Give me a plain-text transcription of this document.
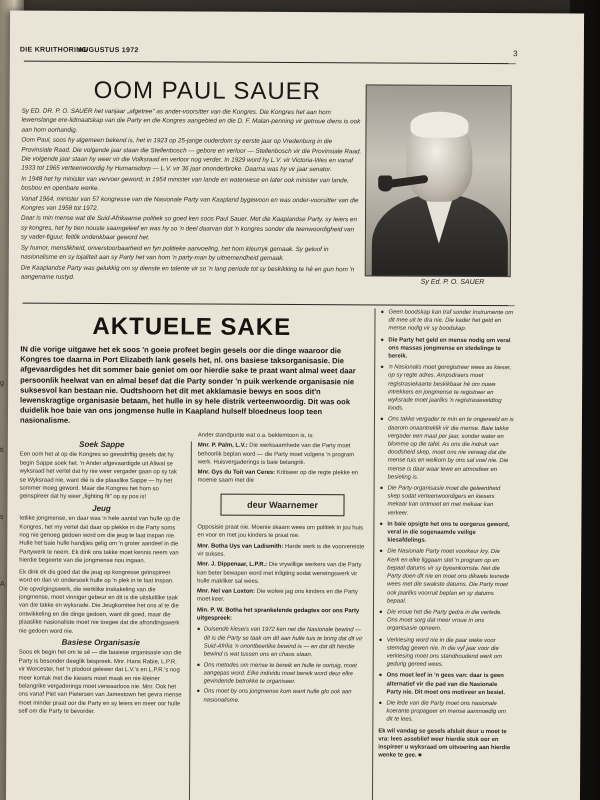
DIE KRUITHORING
AUGUSTUS 1972	3
OOM PAUL SAUER

Sy ED. DR. P. O. SAUER het vanjaar „afgetree" as ander-voorsitter van die Kongres. Die Kongres het aan hom lewenslange ere-lidmaatskap van die Party en die Kongres aangebied en die D. F. Malan-penning vir getroue diens is ook aan hom oorhandig.

Oom Paul, soos hy algemeen bekend is, het in 1923 op 25-jarige ouderdom sy eerste jaar op Vredenburg in die Provinsiale Raad. Die volgende jaar staan die Stellenbosch — gebore en verloor — Stellenbosch vir die Provinsiale Raad. Die volgende jaar staan hy weer vir die Volksraad en verloor nog verder. In 1929 word hy L.V. vir Victoria-Wes en vanaf 1933 tot 1965 verteenwoordig hy Humansdorp — L.V. vir 36 jaar ononderbroke. Daarna was hy vir jaar senator.

In 1948 het hy minister van vervoer geword; in 1954 minister van lande en waterwese en later ook minister van lande, bosbou en openbare werke.

Vanaf 1964, minister van 57 kongresse van die Nasionale Party van Kaapland bygewoon en was onder-voorsitter van die Kongres van 1958 tot 1972.

Daar is min mense wat die Suid-Afrikaanse politiek so goed ken soos Paul Sauer. Met die Kaaplandse Party, sy leiers en sy kongres, het hy tien nouste saamgeleef en was hy so 'n deel daarvan dat 'n kongres sonder die teenwoordigheid van sy vader-figuur, feitlik ondenkbaar geword het.

Sy humor, menslikheid, onverstoorbaarheid en fyn politieke aanvoeling, het hom kleurryk gemaak. Sy geloof in nasionalisme en sy lojaliteit aan sy Party het van hom 'n party-man by uitnemendheid gemaak.

Die Kaaplandse Party was gelukkig om sy dienste en talente vir so 'n lang periode tot sy beskikking te hê en gun hom 'n aangename rustyd.

Sy Ed. P. O. SAUER
AKTUELE SAKE
IN die vorige uitgawe het ek soos 'n goeie profeet begin gesels oor die dinge waaroor die Kongres toe daarna in Port Elizabeth lank gesels het, nl. ons basiese taksorganisasie. Die afgevaardigdes het dit sommer baie geniet om oor hierdie sake te praat want almal weet daar persoonlik heelwat van en almal besef dat die Party sonder 'n puik werkende organisasie nie suksesvol kan bestaan nie. Oudtshoorn het dit met akklamasie bewys en soos dit'n lewenskragtige organisasie betaam, het hulle in sy hele distrik verteenwoordig. Dit was ook duidelik hoe baie van ons jongmense hulle in Kaapland hulself bloedneus loop teen nasionalisme.
Soek Sappe

Een oom het al op die Kongres so geesdriftig gesels dat hy begin Sappe soek het. 'n Ander afgevaardigde uit Aliwal se wyksraad het vertel dat hy nie weer vergader gaan op sy tak se Wyksraad nie, want dié is die plaaslike Sappe — hy het sommer moeg geword. Maar die Kongres het hom so geinspireer dat hy weer „fighting fit" op sy pos is!

Jeug

Ietlike jongmense, en daar was 'n hele aantal van hulle op die Kongres, het my vertel dat daar op plekke in die Party soms nog nie genoeg gedoen word om die jeug te laat inspan nie. Hulle het baie hulle handjies gelig om 'n groter aandeel in die Partywerk te neem. Ek dink ons takke moet kennis neem van hierdie begeerte van die jongmense nou ingaan.

Ek dink ek dis goed dat die jeug op kongresse geïnspireer word en dan vir ondersoek hulle op 'n plek in te laat inspan. Die opvolgingswerk, die werklike inskakeling van die jongmense, moet vinniger gebeur en dit is die uitsluitlike taak van die takke en wyksrade. Die Jeugkomitee het ons al te die ontwikkeling en die dinge gedoen, want dit goed, maar die plaaslike nasionaliste moet nie toegee dat die afrondingswerk nie gedoen word nie.

Basiese Organisasie

Soos ek begin het om te sê — die basiese organisasie van die Party is besonder deeglik bespreek. Mnr. Hans Rabie, L.P.R. vir Worcester, het 'n plodooi gelewer dat L.V.'s en L.P.R.'s nog meer kontak met die kiesers moet maak en nie kleiner belangrike vergaderings moet verwaarloos nie. Mnr. Ook het ons vanaf Piet van Pietersen van Jamestown het gevra mense moet minder praat oor die Party en sy leiers en meer oor hulle self om die Party te bevorder.

Ander standpunte wat o.a. beklemtoon is, is:

Mnr. P. Palm, L.V.: Die werksaamhede van die Party moet behoorlik beplan word — die Party moet volgens 'n program werk. Huisvergaderings is baie belangrik.

Mnr. Gys du Toit van Ceres: Kritiseer op die regte plekke en moenie saam met die

deur Waarnemer

Opposisie praat nie. Moenie skaam wees om politiek in jou huis en voor en met jou kinders te praat nie.

Mnr. Botha Uys van Ladismith: Harde werk is die voorvereiste vir sukses.

Mnr. J. Dippenaar, L.P.R.: Die vrywillige werkers van die Party kan beter bewapen word met inligting sodat werwingswerk vir hulle makliker sal wees.

Mnr. Nel van Loxton: Die wolwe jag ons kinders en die Party moet keer.

Min. P. W. Botha het sprankelende gedagtes oor ons Party uitgespreek:

● Duisende kiesers van 1972 ken net die Nasionale bewind — dit is die Party se taak om dit aan hulle tuis te bring dat dit vir Suid-Afrika 'n onontbeerlike bewind is — en dat dit hierdie bewind is wat tussen ons en chaos staan.
● Ons metodes om mense te bereik en hulle te oortuig, moet aangepas word. Elke individu moet bereik word deur elke gevindende betrokke te organiseer.
● Ons moet by ons jongmense kom want hulle glo ook aan nasionalisme.
● Geen boodskap kan traf sonder instrumente om dit mee uit te dra nie. Die kader het geld en mense nodig vir sy boodskap.
● Die Party het geld en mense nodig om veral ons massas jongmense en stedelinge te bereik.
● 'n Nasionalis moet geregistreer wees as kieser, op sy regte adres. Ampsdraers moet registrasiekaarte beskikbaar hê om nuwe intrekkers en jongmense te registreer en wyksrade moet jaarliks 'n registrasieveldtog loods.
● Ons takke vergader te min en te ongereeld en is daarom onaantreklik vir die mense. Baie takke vergader een maal per jaar, sonder water en blomme op die tafel. As ons die indruk van doodsheid skep, moet ons nie verwag dat die mense tuis en welkom by ons sal voel nie. Die mense is daar waar lewe en atmosfeer en besieling is.
● Die Party-organisasie moet die geleentheid skep sodat verteenwoordigers en kiesers mekaar kan ontmoet en met mekaar kan verkeer.
● In baie opsigte het ons te oorgerus geword, veral in die sogenaamde veilige kiesafdelings.
● Die Nasionale Party moet voorkeur kry. Die Kerk en elke liggaam stel 'n program op en bepaal datums vir sy byeenkomste. Net die Party doen dit nie en moet ons dikwels tevrede wees met die swakste datums. Die Party moet ook jaarliks voorruit beplan en sy datums bepaal.
● Die vroue het die Party gedra in die verlede. Ons moet sorg dat meer vroue in ons organisasie opneem.
● Verkiesing word nie in die paar weke voor stemdag gewen nie. In die vyf jaar voor die verkiesing moet ons standhoudend werk om gedurig gereed wees.
● Ons moet leef in 'n gees van: daar is geen alternatief vir die pad van die Nasionale Party nie. Dit moet ons motiveer en besiel.
● Die lede van die Party moet ons nasionale koerante propageer en mense aanmoedig om dit te lees.

Ek wil vandag se gesels afsluit deur u moet te vra: lees asseblief weer hierdie stuk oor en inspireer u wyksraad om uitvoering aan hierdie wenke te gee. ■

g
ti
s
A
